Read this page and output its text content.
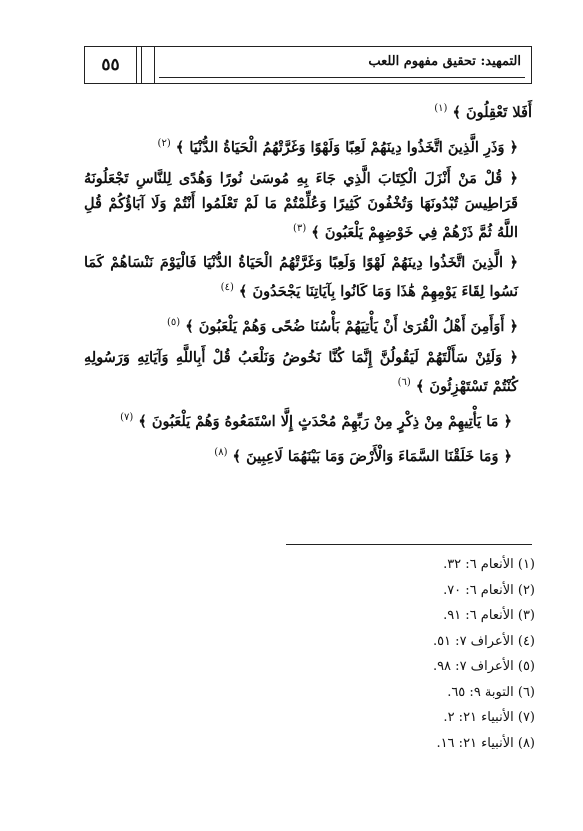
٥٥	التمهيد: تحقيق مفهوم اللعب

أَفَلا تَعْقِلُونَ ﴾ $^{(١)}$

﴿ وَذَرِ الَّذِينَ اتَّخَذُوا دِينَهُمْ لَعِبًا وَلَهْوًا وَغَرَّتْهُمُ الْحَيَاةُ الدُّنْيَا ﴾ $^{(٢)}$

﴿ قُلْ مَنْ أَنْزَلَ الْكِتَابَ الَّذِي جَاءَ بِهِ مُوسَىٰ نُورًا وَهُدًى لِلنَّاسِ تَجْعَلُونَهُ قَرَاطِيسَ تُبْدُونَهَا وَتُخْفُونَ كَثِيرًا وَعُلِّمْتُمْ مَا لَمْ تَعْلَمُوا أَنْتُمْ وَلَا آبَاؤُكُمْ قُلِ اللَّهُ ثُمَّ ذَرْهُمْ فِي خَوْضِهِمْ يَلْعَبُونَ ﴾ $^{(٣)}$

﴿ الَّذِينَ اتَّخَذُوا دِينَهُمْ لَهْوًا وَلَعِبًا وَغَرَّتْهُمُ الْحَيَاةُ الدُّنْيَا فَالْيَوْمَ نَنْسَاهُمْ كَمَا نَسُوا لِقَاءَ يَوْمِهِمْ هَٰذَا وَمَا كَانُوا بِآيَاتِنَا يَجْحَدُونَ ﴾ $^{(٤)}$

﴿ أَوَأَمِنَ أَهْلُ الْقُرَىٰ أَنْ يَأْتِيَهُمْ بَأْسُنَا ضُحًى وَهُمْ يَلْعَبُونَ ﴾ $^{(٥)}$

﴿ وَلَئِنْ سَأَلْتَهُمْ لَيَقُولُنَّ إِنَّمَا كُنَّا نَخُوضُ وَنَلْعَبُ قُلْ أَبِاللَّهِ وَآيَاتِهِ وَرَسُولِهِ كُنْتُمْ تَسْتَهْزِئُونَ ﴾ $^{(٦)}$

﴿ مَا يَأْتِيهِمْ مِنْ ذِكْرٍ مِنْ رَبِّهِمْ مُحْدَثٍ إِلَّا اسْتَمَعُوهُ وَهُمْ يَلْعَبُونَ ﴾ $^{(٧)}$

﴿ وَمَا خَلَقْنَا السَّمَاءَ وَالْأَرْضَ وَمَا بَيْنَهُمَا لَاعِبِينَ ﴾ $^{(٨)}$

(١) الأنعام ٦: ٣٢.
(٢) الأنعام ٦: ٧٠.
(٣) الأنعام ٦: ٩١.
(٤) الأعراف ٧: ٥١.
(٥) الأعراف ٧: ٩٨.
(٦) التوبة ٩: ٦٥.
(٧) الأنبياء ٢١: ٢.
(٨) الأنبياء ٢١: ١٦.
